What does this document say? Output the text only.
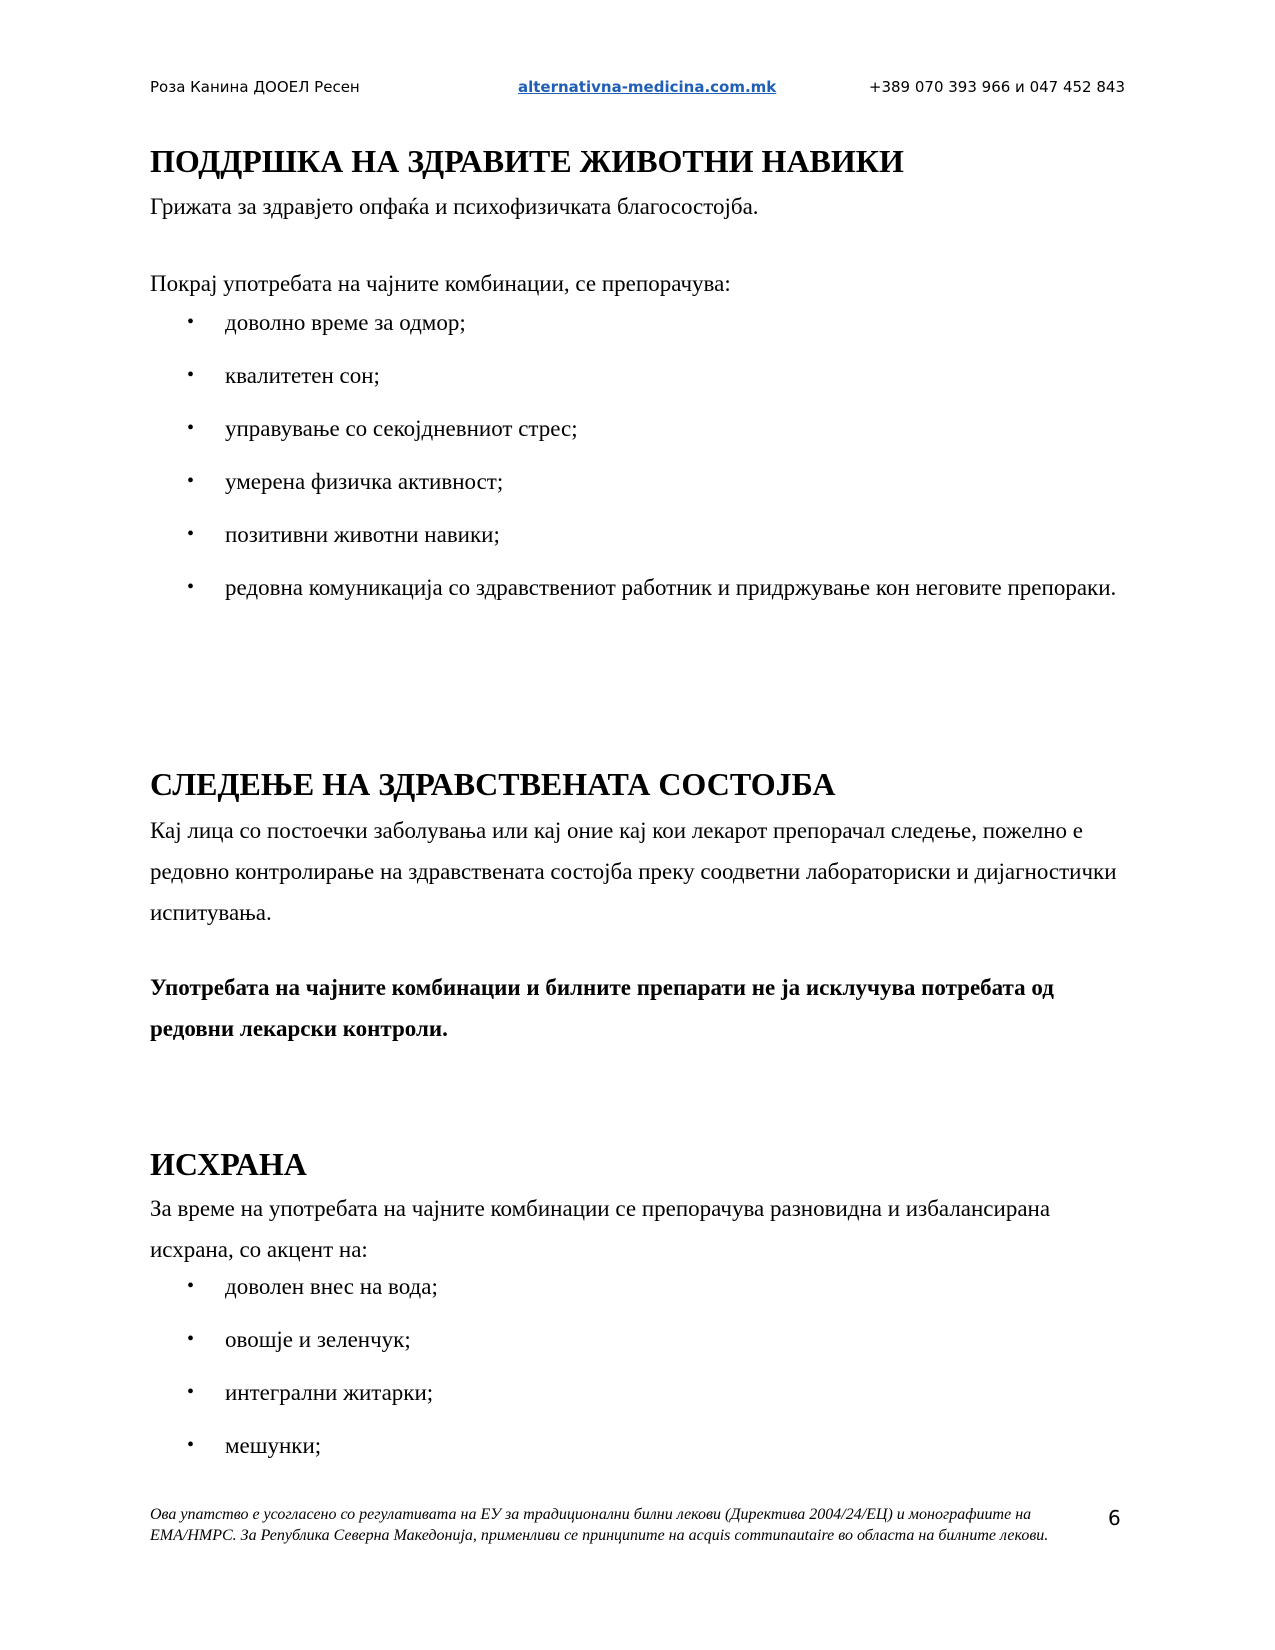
Роза Канина ДООЕЛ Ресен	alternativna-medicina.com.mk	+389 070 393 966 и 047 452 843
ПОДДРШКА НА ЗДРАВИТЕ ЖИВОТНИ НАВИКИ

Грижата за здравјето опфаќа и психофизичката благосостојба.

Покрај употребата на чајните комбинации, се препорачува:

• доволно време за одмор;
• квалитетен сон;
• управување со секојдневниот стрес;
• умерена физичка активност;
• позитивни животни навики;
• редовна комуникација со здравствениот работник и придржување кон неговите препораки.
СЛЕДЕЊЕ НА ЗДРАВСТВЕНАТА СОСТОЈБА

Кај лица со постоечки заболувања или кај оние кај кои лекарот препорачал следење, пожелно е редовно контролирање на здравствената состојба преку соодветни лабораториски и дијагностички испитувања.

Употребата на чајните комбинации и билните препарати не ја исклучува потребата од редовни лекарски контроли.

ИСХРАНА

За време на употребата на чајните комбинации се препорачува разновидна и избалансирана исхрана, со акцент на:

• доволен внес на вода;
• овошје и зеленчук;
• интегрални житарки;
• мешунки;
Ова упатство е усогласено со регулативата на ЕУ за традиционални билни лекови (Директива 2004/24/ЕЦ) и монографиите на ЕМА/HMPC. За Република Северна Македонија, применливи се принципите на acquis communautaire во областа на билните лекови.
6
